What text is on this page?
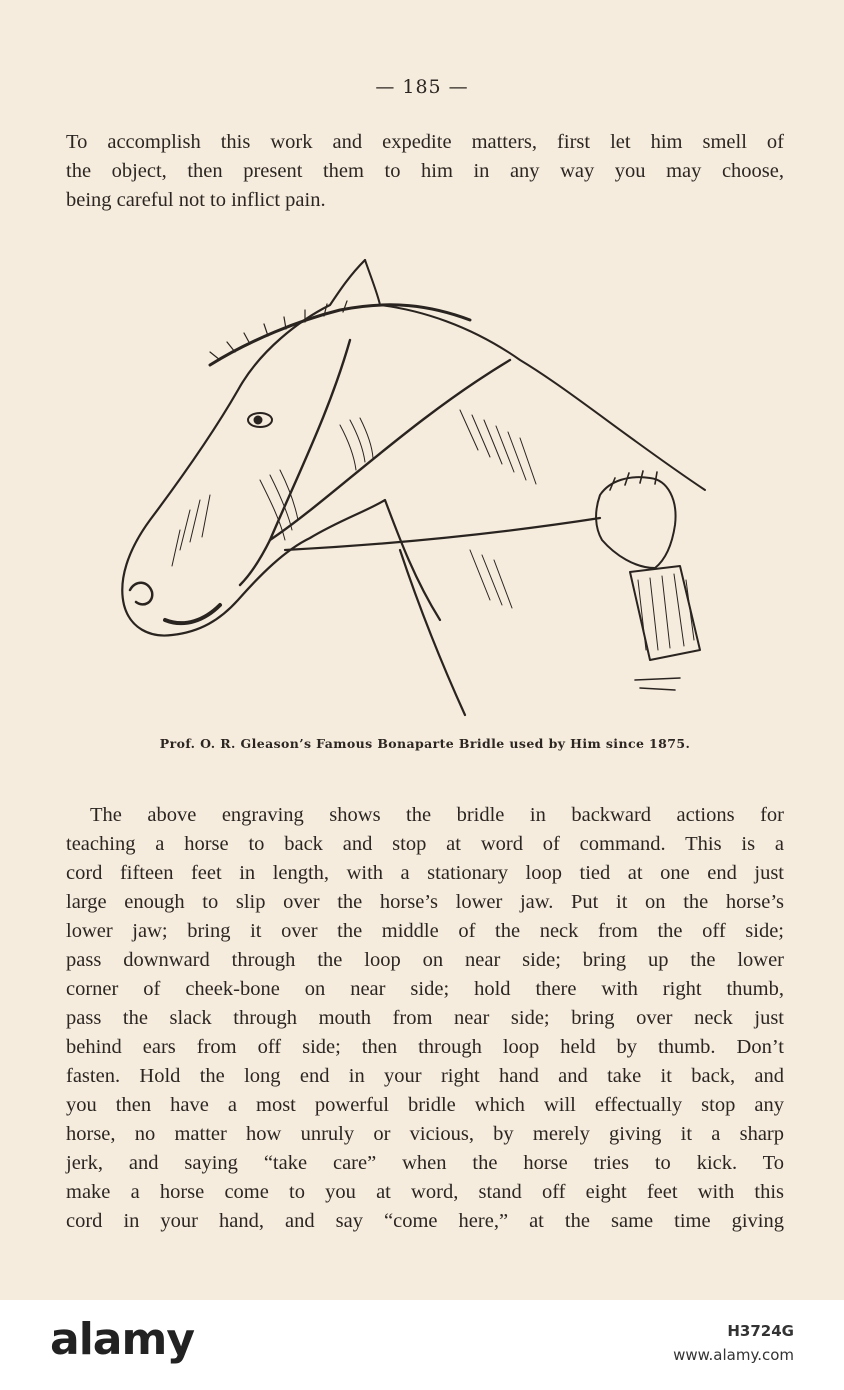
— 185 —
To accomplish this work and expedite matters, first let him smell of
the object, then present them to him in any way you may choose,
being careful not to inflict pain.
Prof. O. R. Gleason’s Famous Bonaparte Bridle used by Him since 1875.
The above engraving shows the bridle in backward actions for
teaching a horse to back and stop at word of command. This is a
cord fifteen feet in length, with a stationary loop tied at one end just
large enough to slip over the horse’s lower jaw. Put it on the horse’s
lower jaw; bring it over the middle of the neck from the off side;
pass downward through the loop on near side; bring up the lower
corner of cheek-bone on near side; hold there with right thumb,
pass the slack through mouth from near side; bring over neck just
behind ears from off side; then through loop held by thumb. Don’t
fasten. Hold the long end in your right hand and take it back, and
you then have a most powerful bridle which will effectually stop any
horse, no matter how unruly or vicious, by merely giving it a sharp
jerk, and saying “take care” when the horse tries to kick. To
make a horse come to you at word, stand off eight feet with this
cord in your hand, and say “come here,” at the same time giving
alamy	H3724G
www.alamy.com
